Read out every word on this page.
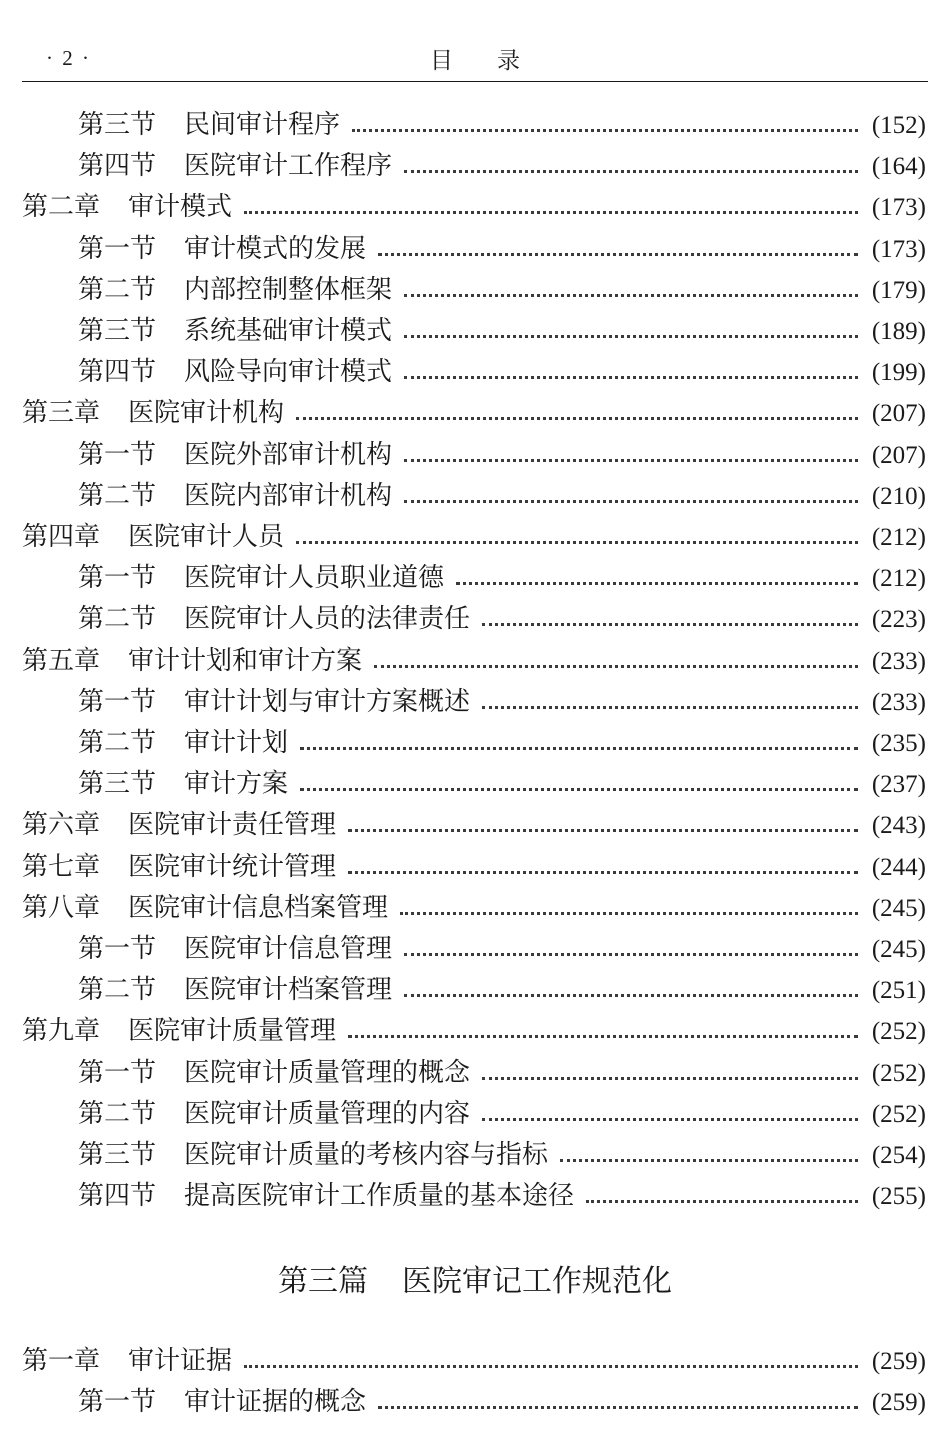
· 2 ·	目录
第三节 民间审计程序	(152)
第四节 医院审计工作程序	(164)
第二章 审计模式	(173)
第一节 审计模式的发展	(173)
第二节 内部控制整体框架	(179)
第三节 系统基础审计模式	(189)
第四节 风险导向审计模式	(199)
第三章 医院审计机构	(207)
第一节 医院外部审计机构	(207)
第二节 医院内部审计机构	(210)
第四章 医院审计人员	(212)
第一节 医院审计人员职业道德	(212)
第二节 医院审计人员的法律责任	(223)
第五章 审计计划和审计方案	(233)
第一节 审计计划与审计方案概述	(233)
第二节 审计计划	(235)
第三节 审计方案	(237)
第六章 医院审计责任管理	(243)
第七章 医院审计统计管理	(244)
第八章 医院审计信息档案管理	(245)
第一节 医院审计信息管理	(245)
第二节 医院审计档案管理	(251)
第九章 医院审计质量管理	(252)
第一节 医院审计质量管理的概念	(252)
第二节 医院审计质量管理的内容	(252)
第三节 医院审计质量的考核内容与指标	(254)
第四节 提高医院审计工作质量的基本途径	(255)
第三篇 医院审记工作规范化
第一章 审计证据	(259)
第一节 审计证据的概念	(259)
